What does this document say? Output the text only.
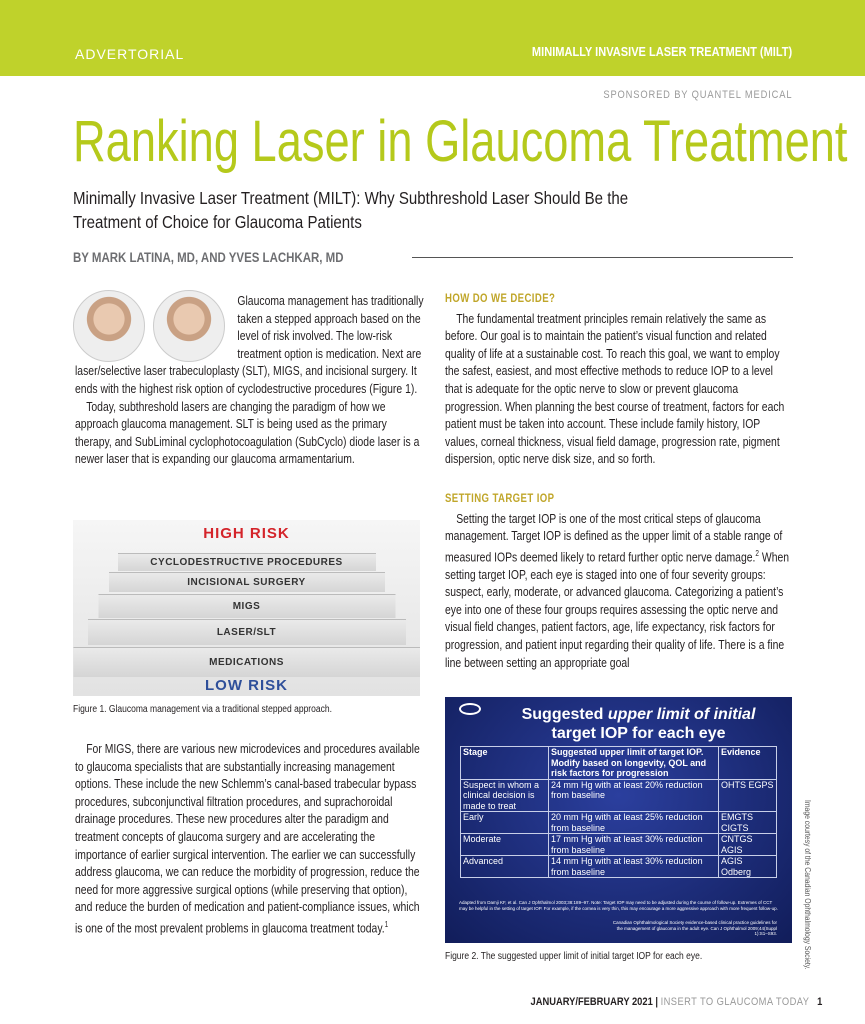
ADVERTORIAL	MINIMALLY INVASIVE LASER TREATMENT (MILT)
SPONSORED BY QUANTEL MEDICAL
Ranking Laser in Glaucoma Treatment
Minimally Invasive Laser Treatment (MILT): Why Subthreshold Laser Should Be the Treatment of Choice for Glaucoma Patients
BY MARK LATINA, MD, AND YVES LACHKAR, MD

Glaucoma management has traditionally taken a stepped approach based on the level of risk involved. The low-risk treatment option is medication. Next are laser/selective laser trabeculoplasty (SLT), MIGS, and incisional surgery. It ends with the highest risk option of cyclodestructive procedures (Figure 1).

Today, subthreshold lasers are changing the paradigm of how we approach glaucoma management. SLT is being used as the primary therapy, and SubLiminal cyclophotocoagulation (SubCyclo) diode laser is a newer laser that is expanding our glaucoma armamentarium.

HIGH RISK
CYCLODESTRUCTIVE PROCEDURES
INCISIONAL SURGERY
MIGS
LASER/SLT
MEDICATIONS
LOW RISK
Figure 1. Glaucoma management via a traditional stepped approach.

For MIGS, there are various new microdevices and procedures available to glaucoma specialists that are substantially increasing management options. These include the new Schlemm’s canal-based trabecular bypass procedures, subconjunctival filtration procedures, and suprachoroidal drainage procedures. These new procedures alter the paradigm and treatment concepts of glaucoma surgery and are accelerating the importance of earlier surgical intervention. The earlier we can successfully address glaucoma, we can reduce the morbidity of progression, reduce the need for more aggressive surgical options (while preserving that option), and reduce the burden of medication and patient-compliance issues, which is one of the most prevalent problems in glaucoma treatment today.$^1$

HOW DO WE DECIDE?

The fundamental treatment principles remain relatively the same as before. Our goal is to maintain the patient’s visual function and related quality of life at a sustainable cost. To reach this goal, we want to employ the safest, easiest, and most effective methods to reduce IOP to a level that is adequate for the optic nerve to slow or prevent glaucoma progression. When planning the best course of treatment, factors for each patient must be taken into account. These include family history, IOP values, corneal thickness, visual field damage, progression rate, pigment dispersion, optic nerve disk size, and so forth.

SETTING TARGET IOP

Setting the target IOP is one of the most critical steps of glaucoma management. Target IOP is defined as the upper limit of a stable range of measured IOPs deemed likely to retard further optic nerve damage.$^2$ When setting target IOP, each eye is staged into one of four severity groups: suspect, early, moderate, or advanced glaucoma. Categorizing a patient’s eye into one of these four groups requires assessing the optic nerve and visual field changes, patient factors, age, life expectancy, risk factors for progression, and patient input regarding their quality of life. There is a fine line between setting an appropriate goal

Suggested upper limit of initial
target IOP for each eye
Stage	Suggested upper limit of target IOP. Modify based on longevity, QOL and risk factors for progression	Evidence
Suspect in whom a clinical decision is made to treat	24 mm Hg with at least 20% reduction from baseline	OHTS EGPS
Early	20 mm Hg with at least 25% reduction from baseline	EMGTS CIGTS
Moderate	17 mm Hg with at least 30% reduction from baseline	CNTGS AGIS
Advanced	14 mm Hg with at least 30% reduction from baseline	AGIS Odberg
Adapted from Damji KF, et al. Can J Ophthalmol 2003;38:189–97. Note: Target IOP may need to be adjusted during the course of follow-up. Extremes of CCT may be helpful in the setting of target IOP. For example, if the cornea is very thin, this may encourage a more aggressive approach with more frequent follow-up.
Canadian Ophthalmological Society evidence-based clinical practice guidelines for the management of glaucoma in the adult eye. Can J Ophthalmol 2009;44(Suppl 1):S1–S93.	Image courtesy of the Canadian Ophthalmology Society.
Figure 2. The suggested upper limit of initial target IOP for each eye.
JANUARY/FEBRUARY 2021 | INSERT TO GLAUCOMA TODAY 1
